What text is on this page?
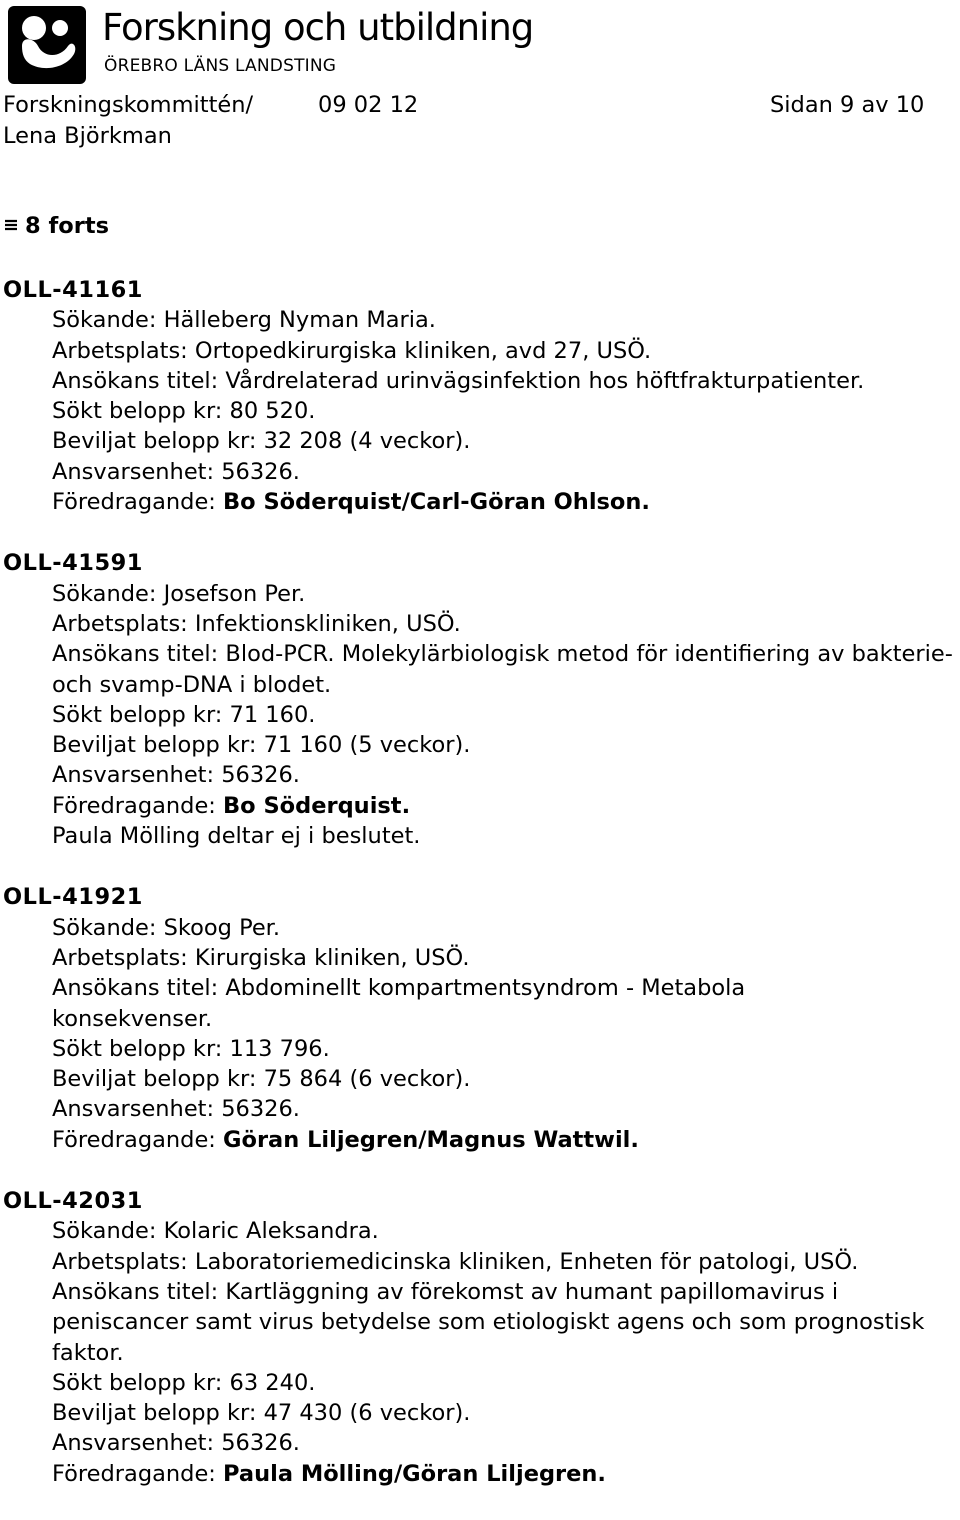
Forskning och utbildning
ÖREBRO LÄNS LANDSTING
Forskningskommittén/	09 02 12	Sidan 9 av 10
Lena Björkman
8 forts
OLL-41161
Sökande: Hälleberg Nyman Maria.
Arbetsplats: Ortopedkirurgiska kliniken, avd 27, USÖ.
Ansökans titel: Vårdrelaterad urinvägsinfektion hos höftfrakturpatienter.
Sökt belopp kr: 80 520.
Beviljat belopp kr: 32 208 (4 veckor).
Ansvarsenhet: 56326.
Föredragande: Bo Söderquist/Carl-Göran Ohlson.
OLL-41591
Sökande: Josefson Per.
Arbetsplats: Infektionskliniken, USÖ.
Ansökans titel: Blod-PCR. Molekylärbiologisk metod för identifiering av bakterie- och svamp-DNA i blodet.
Sökt belopp kr: 71 160.
Beviljat belopp kr: 71 160 (5 veckor).
Ansvarsenhet: 56326.
Föredragande: Bo Söderquist.
Paula Mölling deltar ej i beslutet.
OLL-41921
Sökande: Skoog Per.
Arbetsplats: Kirurgiska kliniken, USÖ.
Ansökans titel: Abdominellt kompartmentsyndrom - Metabola konsekvenser.
Sökt belopp kr: 113 796.
Beviljat belopp kr: 75 864 (6 veckor).
Ansvarsenhet: 56326.
Föredragande: Göran Liljegren/Magnus Wattwil.
OLL-42031
Sökande: Kolaric Aleksandra.
Arbetsplats: Laboratoriemedicinska kliniken, Enheten för patologi, USÖ.
Ansökans titel: Kartläggning av förekomst av humant papillomavirus i peniscancer samt virus betydelse som etiologiskt agens och som prognostisk faktor.
Sökt belopp kr: 63 240.
Beviljat belopp kr: 47 430 (6 veckor).
Ansvarsenhet: 56326.
Föredragande: Paula Mölling/Göran Liljegren.
